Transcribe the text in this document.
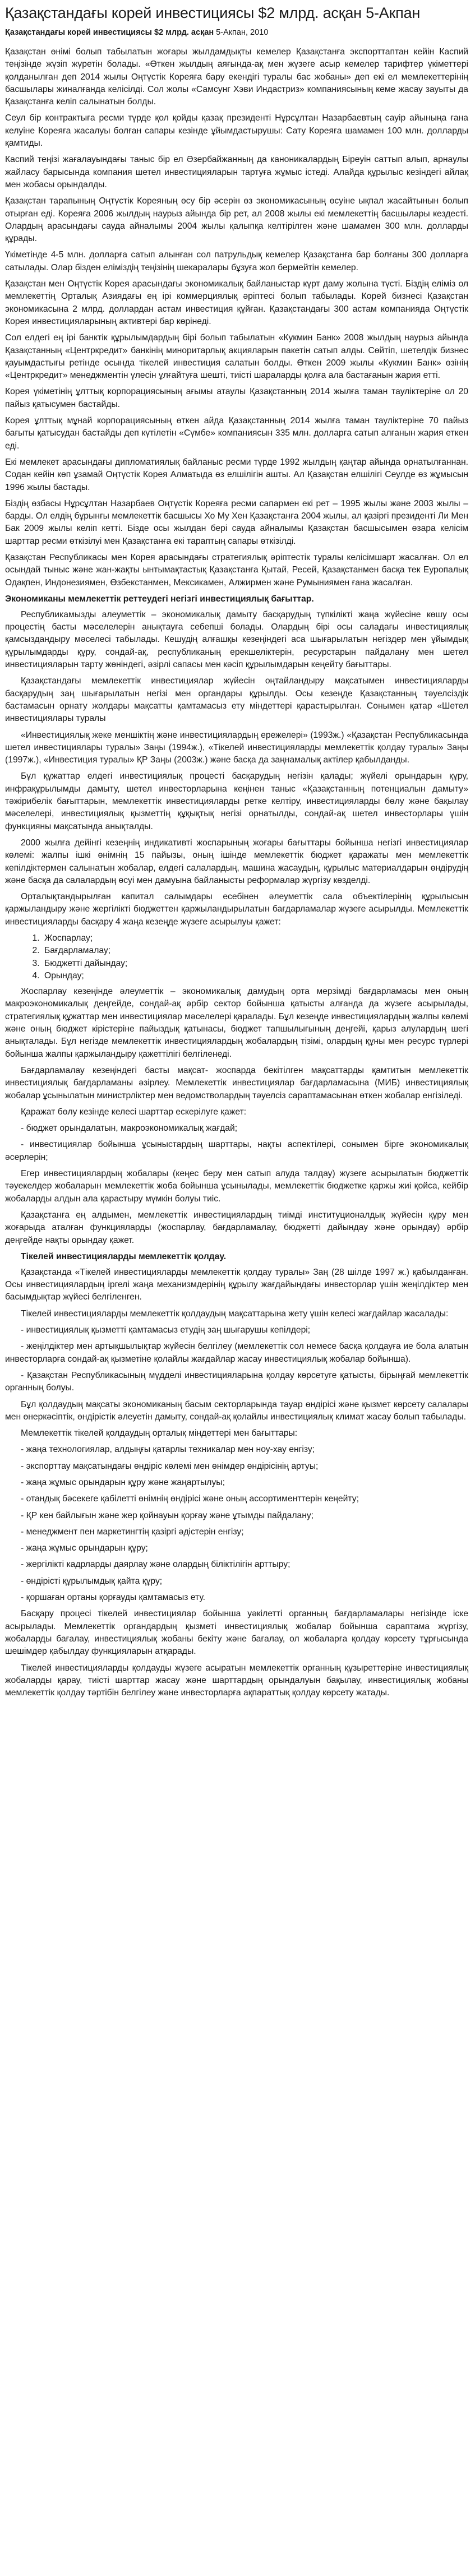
Қазақстандағы корей инвестициясы $2 млрд. асқан 5-Акпан
Қазақстандағы корей инвестициясы $2 млрд. асқан 5-Акпан, 2010

Қазақстан өнімі болып табылатын жоғары жылдамдықты кемелер Қазақстанға экспорттаптан кейін Каспий теңізінде жүзіп жүретін болады. «Өткен жылдың аяғында-ақ мен жүзеге асыр кемелер тарифтер үкіметтері қолданылған деп 2014 жылы Оңтүстік Кореяға бару екендігі туралы бас жобаны» деп екі ел мемлекеттерінің басшылары жиналғанда келісілді. Сол жолы «Самсунг Хэви Индастриз» компаниясының кеме жасау зауыты да Қазақстанға келіп салынатын болды.

Сеул бір контрактыға ресми түрде қол қойды қазақ президенті Нұрсұлтан Назарбаевтың сауір айыныңа ғана келуіне Кореяға жасалуы болған сапары кезінде ұйымдастырушы: Сату Кореяға шамамен 100 млн. долларды қамтиды.

Каспий теңізі жағалауындағы таныс бір ел Әзербайжанның да каноникалардың Біреуін саттып алып, арнаулы жайласу барысында компания шетел инвестицияларын тартуға жұмыс істеді. Алайда құрылыс кезіндегі айлақ мен жобасы орындалды.

Қазақстан тарапының Оңтүстік Кореяның өсу бір әсерін өз экономикасының өсуіне ықпал жасайтынын болып отырған еді. Кореяға 2006 жылдың наурыз айында бір рет, ал 2008 жылы екі мемлекеттің басшылары кездесті. Олардың арасындағы сауда айналымы 2004 жылы қалыпқа келтірілген және шамамен 300 млн. долларды құрады.

Үкіметінде 4-5 млн. долларға сатып алынған сол патрульдық кемелер Қазақстанға бар болғаны 300 долларға сатылады. Олар бізден еліміздің теңізінің шекаралары бұзуға жол бермейтін кемелер.

Қазақстан мен Оңтүстік Корея арасындағы экономикалық байланыстар күрт даму жолына түсті. Біздің еліміз ол мемлекеттің Орталық Азиядағы ең ірі коммерциялық әріптесі болып табылады. Корей бизнесі Қазақстан экономикасына 2 млрд. доллардан астам инвестиция құйған. Қазақстандағы 300 астам компанияда Оңтүстік Корея инвестицияларының активтері бар көрінеді.

Сол елдегі ең ірі банктік құрылымдардың бірі болып табылатын «Кукмин Банк» 2008 жылдың наурыз айында Қазақстанның «Центркредит» банкінің миноритарлық акцияларын пакетін сатып алды. Сөйтіп, шетелдік бизнес қауымдастығы ретінде осында тікелей инвестиция салатын болды. Өткен 2009 жылы «Кукмин Банк» өзінің «Центркредит» менеджментін үлесін ұлғайтуға шешті, тиісті шараларды қолға ала бастағанын жария етті.

Корея үкіметінің ұлттық корпорациясының ағымы атаулы Қазақстанның 2014 жылға таман тауліктеріне ол 20 пайыз қатысумен бастайды.

Корея ұлттық мұнай корпорациясының өткен айда Қазақстанның 2014 жылға таман тауліктеріне 70 пайыз бағыты қатысудан бастайды деп күтілетін «Сүмбе» компаниясын 335 млн. долларға сатып алғанын жария еткен еді.

Екі мемлекет арасындағы дипломатиялық байланыс ресми түрде 1992 жылдың қаңтар айында орнатылғаннан. Содан кейін көп ұзамай Оңтүстік Корея Алматыда өз елшілігін ашты. Ал Қазақстан елшілігі Сеулде өз жұмысын 1996 жылы бастады.

Біздің өзбасы Нұрсұлтан Назарбаев Оңтүстік Кореяға ресми сапармен екі рет – 1995 жылы және 2003 жылы – барды. Ол елдің бұрынғы мемлекеттік басшысы Хо Му Хен Қазақстанға 2004 жылы, ал қазіргі президенті Ли Мен Бак 2009 жылы келіп кетті. Бізде осы жылдан бері сауда айналымы Қазақстан басшысымен өзара келісім шарттар ресми өткізілуі мен Қазақстанға екі тараптың сапары өткізілді.

Қазақстан Республикасы мен Корея арасындағы стратегиялық әріптестік туралы келісімшарт жасалған. Ол ел осындай тыныс және жан-жақты ынтымақтастық Қазақстанға Қытай, Ресей, Қазақстанмен басқа тек Еуропалық Одақпен, Индонезиямен, Өзбекстанмен, Мексикамен, Алжирмен және Румыниямен ғана жасалған.

Экономиканы мемлекеттік реттеудегі негізгі инвестициялық бағыттар.

Республикамызды алеуметтік – экономикалық дамыту басқарудың түпкілікті жаңа жүйесіне көшу осы процестің басты мәселелерін анықтауға себепші болады. Олардың бірі осы саладағы инвестициялық қамсыздандыру мәселесі табылады. Кешудің алғашқы кезеңіндегі аса шығарылатын негіздер мен ұйымдық құрылымдарды құру, сондай-ақ, республиканың ерекшеліктерін, ресурстарын пайдалану мен шетел инвестицияларын тарту жөніндегі, әзірлі сапасы мен кәсіп құрылымдарын кеңейту бағыттары.

Қазақстандағы мемлекеттік инвестициялар жүйесін оңтайландыру мақсатымен инвестицияларды басқарудың заң шығарылатын негізі мен органдары құрылды. Осы кезеңде Қазақстанның тәуелсіздік бастамасын орнату жолдары мақсатты қамтамасыз ету міндеттері қарастырылған. Сонымен қатар «Шетел инвестициялары туралы

«Инвестициялық жеке меншіктің және инвестициялардың ережелері» (1993ж.) «Қазақстан Республикасында шетел инвестициялары туралы» Заңы (1994ж.), «Тікелей инвестицияларды мемлекеттік қолдау туралы» Заңы (1997ж.), «Инвестиция туралы» ҚР Заңы (2003ж.) және басқа да заңнамалық актілер қабылданды.

Бұл құжаттар елдегі инвестициялық процесті басқарудың негізін қалады; жүйелі орындарын құру, инфрақұрылымды дамыту, шетел инвесторларына кеңінен таныс «Қазақстанның потенциалын дамыту» тәжірибелік бағыттарын, мемлекеттік инвестицияларды ретке келтіру, инвестицияларды бөлу және бақылау мәселелері, инвестициялық қызметтің құқықтық негізі орнатылды, сондай-ақ шетел инвесторлары үшін функцияны мақсатында анықталды.

2000 жылға дейінгі кезеңнің индикативті жоспарының жоғары бағыттары бойынша негізгі инвестициялар көлемі: жалпы ішкі өнімнің 15 пайызы, оның ішінде мемлекеттік бюджет қаражаты мен мемлекеттік кепілдіктермен салынатын жобалар, елдегі салалардың, машина жасаудың, құрылыс материалдарын өндірудің және басқа да салалардың өсуі мен дамуына байланысты реформалар жүргізу көзделді.

Орталықтандырылған капитал салымдары есебінен әлеуметтік сала объектілерінің құрылысын қаржыландыру және жергілікті бюджеттен қаржыландырылатын бағдарламалар жүзеге асырылды. Мемлекеттік инвестицияларды басқару 4 жаңа кезеңде жүзеге асырылуы қажет:

1. Жоспарлау;
2. Бағдарламалау;
3. Бюджетті дайындау;
4. Орындау;

Жоспарлау кезеңінде әлеуметтік – экономикалық дамудың орта мерзімді бағдарламасы мен оның макроэкономикалық деңгейде, сондай-ақ әрбір сектор бойынша қатысты алғанда да жүзеге асырылады, стратегиялық құжаттар мен инвестициялар мәселелері қаралады. Бұл кезеңде инвестициялардың жалпы көлемі және оның бюджет кірістеріне пайыздық қатынасы, бюджет тапшылығының деңгейі, қарыз алулардың шегі анықталады. Бұл негізде мемлекеттік инвестициялардың жобалардың тізімі, олардың құны мен ресурс түрлері бойынша жалпы қаржыландыру қажеттілігі белгіленеді.

Бағдарламалау кезеңіндегі басты мақсат- жоспарда бекітілген мақсаттарды қамтитын мемлекеттік инвестициялық бағдарламаны әзірлеу. Мемлекеттік инвестициялар бағдарламасына (МИБ) инвестициялық жобалар ұсынылатын министрліктер мен ведомстволардың тәуелсіз сараптамасынан өткен жобалар енгізіледі.

Қаражат бөлу кезінде келесі шарттар ескерілуге қажет:

- бюджет орындалатын, макроэкономикалық жағдай;

- инвестициялар бойынша ұсыныстардың шарттары, нақты аспектілері, сонымен бірге экономикалық әсерлерін;

Егер инвестициялардың жобалары (кеңес беру мен сатып алуда талдау) жүзеге асырылатын бюджеттік тәуекелдер жобаларын мемлекеттік жоба бойынша ұсынылады, мемлекеттік бюджетке қаржы жиі қойса, кейбір жобаларды алдын ала қарастыру мүмкін болуы тиіс.

Қазақстанға ең алдымен, мемлекеттік инвестициялардың тиімді институционалдық жүйесін құру мен жоғарыда аталған функцияларды (жоспарлау, бағдарламалау, бюджетті дайындау және орындау) әрбір деңгейде нақты орындау қажет.

Тікелей инвестицияларды мемлекеттік қолдау.

Қазақстанда «Тікелей инвестицияларды мемлекеттік қолдау туралы» Заң (28 шілде 1997 ж.) қабылданған. Осы инвестициялардың іргелі жаңа механизмдерінің құрылу жағдайындағы инвесторлар үшін жеңілдіктер мен басымдықтар жүйесі белгіленген.

Тікелей инвестицияларды мемлекеттік қолдаудың мақсаттарына жету үшін келесі жағдайлар жасалады:

- инвестициялық қызметті қамтамасыз етудің заң шығарушы кепілдері;

- жеңілдіктер мен артықшылықтар жүйесін белгілеу (мемлекеттік сол немесе басқа қолдауға ие бола алатын инвесторларға сондай-ақ қызметіне қолайлы жағдайлар жасау инвестициялық жобалар бойынша).

- Қазақстан Республикасының мүдделі инвестицияларына қолдау көрсетуге қатысты, бірыңғай мемлекеттік органның болуы.

Бұл қолдаудың мақсаты экономиканың басым секторларында тауар өндірісі және қызмет көрсету салалары мен өнеркәсіптік, өндірістік әлеуетін дамыту, сондай-ақ қолайлы инвестициялық климат жасау болып табылады.

Мемлекеттік тікелей қолдаудың орталық міндеттері мен бағыттары:

- жаңа технологиялар, алдыңғы қатарлы техникалар мен ноу-хау енгізу;

- экспорттау мақсатындағы өндіріс көлемі мен өнімдер өндірісінің артуы;

- жаңа жұмыс орындарын құру және жаңартылуы;

- отандық бәсекеге қабілетті өнімнің өндірісі және оның ассортименттерін кеңейту;

- ҚР кен байлығын және жер қойнауын қорғау және ұтымды пайдалану;

- менеджмент пен маркетингтің қазіргі әдістерін енгізу;

- жаңа жұмыс орындарын құру;

- жергілікті кадрларды даярлау және олардың біліктілігін арттыру;

- өндірісті құрылымдық қайта құру;

- қоршаған ортаны қорғауды қамтамасыз ету.

Басқару процесі тікелей инвестициялар бойынша уәкілетті органның бағдарламалары негізінде іске асырылады. Мемлекеттік органдардың қызметі инвестициялық жобалар бойынша сараптама жүргізу, жобаларды бағалау, инвестициялық жобаны бекіту және бағалау, ол жобаларға қолдау көрсету тұрғысында шешімдер қабылдау функцияларын атқарады.

Тікелей инвестицияларды қолдауды жүзеге асыратын мемлекеттік органның құзыреттеріне инвестициялық жобаларды қарау, тиісті шарттар жасау және шарттардың орындалуын бақылау, инвестициялық жобаны мемлекеттік қолдау тәртібін белгілеу және инвесторларға ақпараттық қолдау көрсету жатады.
